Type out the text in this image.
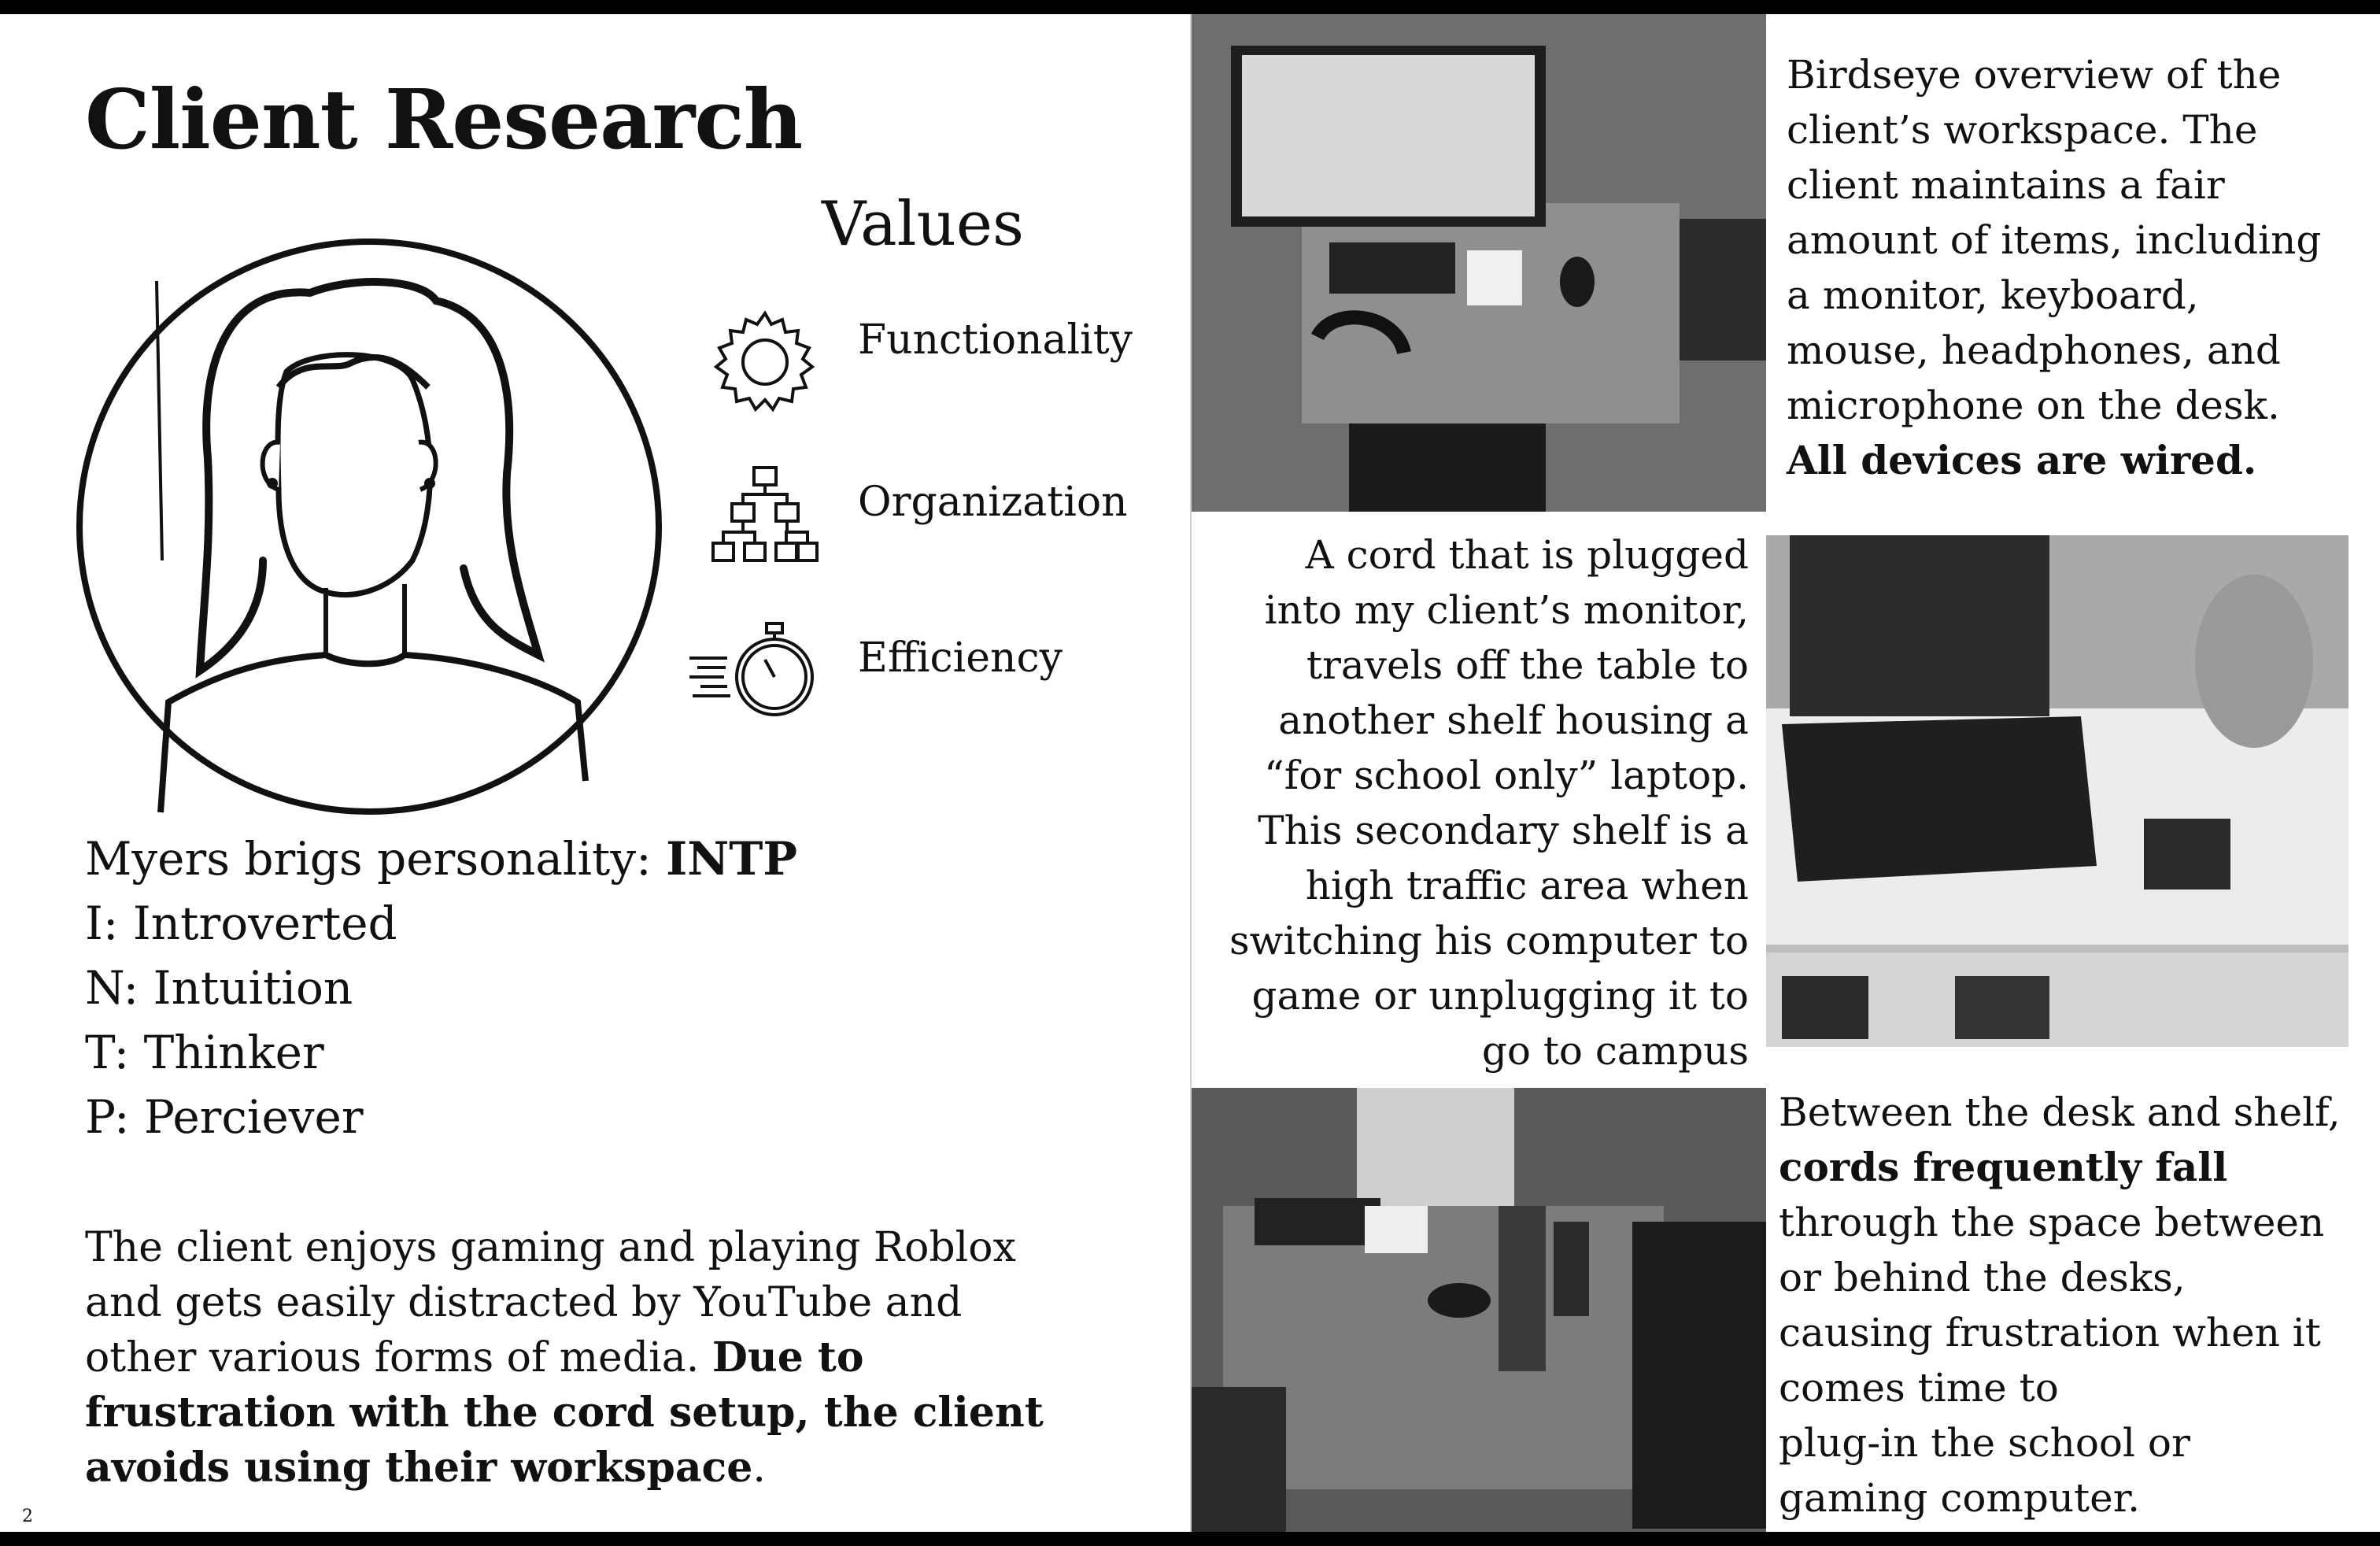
Client Research
Values
Functionality
Organization
Efficiency
Myers brigs personality: INTP
I: Introverted
N: Intuition
T: Thinker
P: Perciever
The client enjoys gaming and playing Roblox and gets easily distracted by YouTube and other various forms of media. Due to frustration with the cord setup, the client avoids using their workspace.
2
Birdseye overview of the client’s workspace. The client maintains a fair amount of items, including a monitor, keyboard, mouse, headphones, and microphone on the desk. All devices are wired.
A cord that is plugged into my client’s monitor, travels off the table to another shelf housing a “for school only” laptop. This secondary shelf is a high traffic area when switching his computer to game or unplugging it to go to campus
Between the desk and shelf, cords frequently fall through the space between or behind the desks, causing frustration when it comes time to
plug-in the school or gaming computer.
